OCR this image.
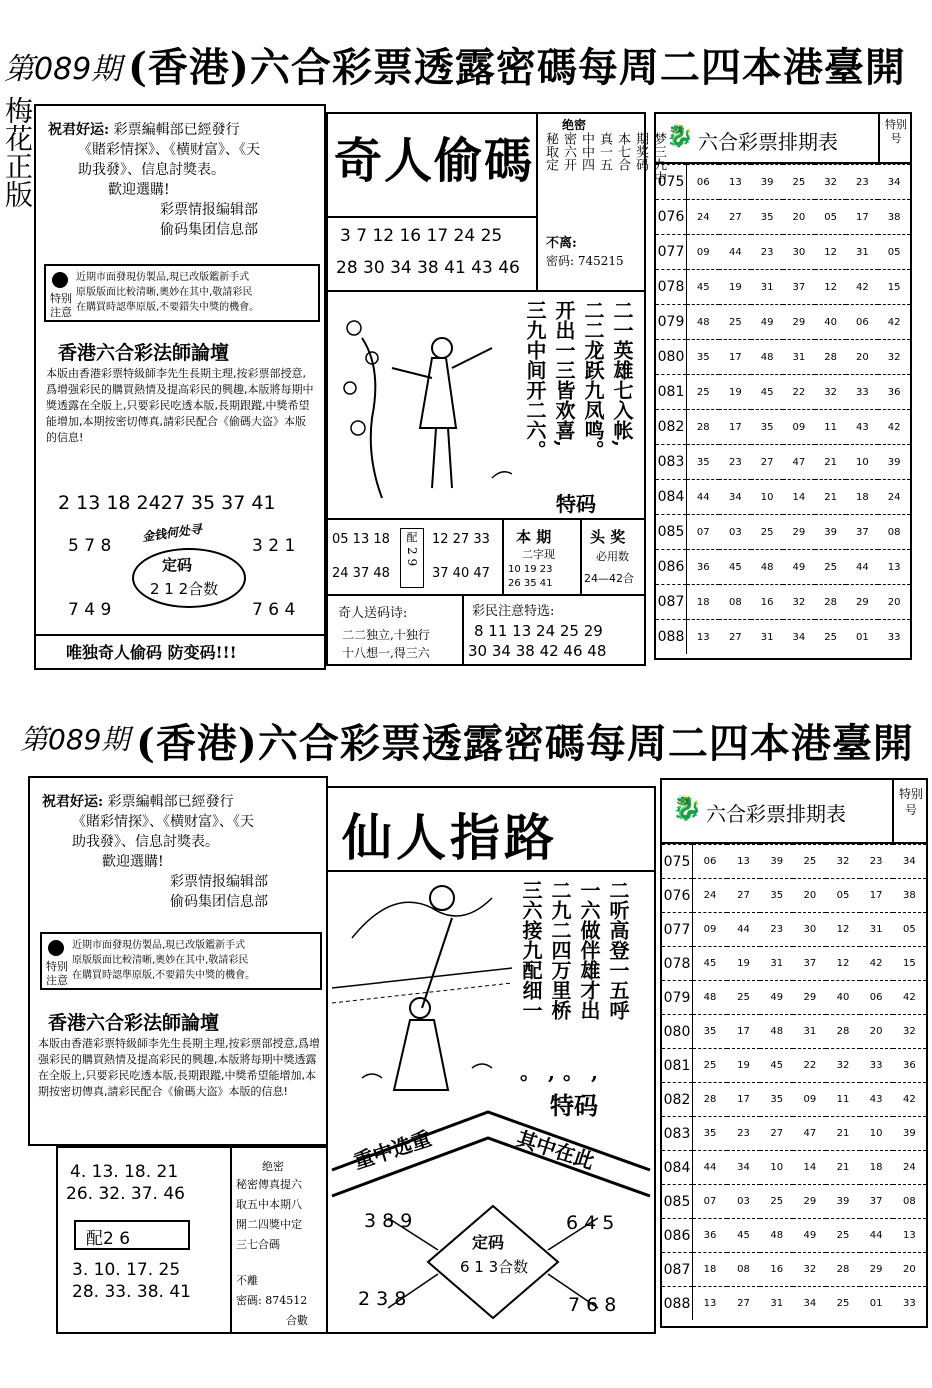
第089期 (香港)六合彩票透露密碼每周二四本港臺開
梅花正版 祝君好运: 彩票編輯部已經發行
《賭彩情探》、《横财富》、《天
助我發》、信息討獎表。
歡迎選購!
彩票情报编辑部
偷码集团信息部
特别注意
近期市面發現仿製品,現已改版鑑新手式
原版版面比較清晰,奧妙在其中,敬請彩民
在購買時認準原版,不要錯失中獎的機會。
香港六合彩法師論壇
本版由香港彩票特級師李先生長期主理,按彩票部授意,爲增强彩民的購買熱情及提高彩民的興趣,本版將每期中獎透露在全版上,只要彩民吃透本版,長期跟蹤,中獎希望能增加,本期按密切傳真,請彩民配合《偷碼大盗》本版的信息!
2 13 18 2427 35 37 41
金钱何处寻
5 7 8	3 2 1
7 4 9	7 6 4
定码
2 1 2合数
唯独奇人偷码 防变码!!!
奇人偷碼
3 7 12 16 17 24 25
28 30 34 38 41 43 46
绝密
梦三九中
期奖码
本七合
真一五
中中四
密六开
秘取定
不离:
密码: 745215
二一英雄七入帐,
二二龙跃九凤鸣。
开出一三皆欢喜,
三九中间开二六。
特码
05 13 18
24 37 48
配
2 9
12 27 33
37 40 47
本 期
二字现
10 19 23
26 35 41
头 奖
必用数
24—42合
奇人送码诗:
二二独立,十独行
十八想一,得三六
彩民注意特选:
8 11 13 24 25 29
30 34 38 42 46 48
🐉 六合彩票排期表
特别号
075	06	13	39	25	32	23	34
076	24	27	35	20	05	17	38
077	09	44	23	30	12	31	05
078	45	19	31	37	12	42	15
079	48	25	49	29	40	06	42
080	35	17	48	31	28	20	32
081	25	19	45	22	32	33	36
082	28	17	35	09	11	43	42
083	35	23	27	47	21	10	39
084	44	34	10	14	21	18	24
085	07	03	25	29	39	37	08
086	36	45	48	49	25	44	13
087	18	08	16	32	28	29	20
088	13	27	31	34	25	01	33
第089期 (香港)六合彩票透露密碼每周二四本港臺開
祝君好运: 彩票編輯部已經發行
《賭彩情探》、《横财富》、《天
助我發》、信息討獎表。
歡迎選購!
彩票情报编辑部
偷码集团信息部
特别注意
近期市面發現仿製品,現已改版鑑新手式
原版版面比較清晰,奧妙在其中,敬請彩民
在購買時認準原版,不要錯失中獎的機會。
香港六合彩法師論壇
本版由香港彩票特級師李先生長期主理,按彩票部授意,爲增强彩民的購買熱情及提高彩民的興趣,本版將每期中獎透露在全版上,只要彩民吃透本版,長期跟蹤,中獎希望能增加,本期按密切傳真,請彩民配合《偷碼大盗》本版的信息!
4. 13. 18. 21
26. 32. 37. 46
配2 6
3. 10. 17. 25
28. 33. 38. 41
绝密
秘密傳真提六
取五中本期八
開二四獎中定
三七合碼
不離
密碼: 874512
合數
仙人指路
二听高登一五呼
一六做伴雄才出
二九二四万里桥
三六接九配细一
。,。,
特码
重中选重	其中在此
定码
6 1 3合数
3 8 9	6 4 5
2 3 8	7 6 8
🐉 六合彩票排期表
特别号
075	06	13	39	25	32	23	34
076	24	27	35	20	05	17	38
077	09	44	23	30	12	31	05
078	45	19	31	37	12	42	15
079	48	25	49	29	40	06	42
080	35	17	48	31	28	20	32
081	25	19	45	22	32	33	36
082	28	17	35	09	11	43	42
083	35	23	27	47	21	10	39
084	44	34	10	14	21	18	24
085	07	03	25	29	39	37	08
086	36	45	48	49	25	44	13
087	18	08	16	32	28	29	20
088	13	27	31	34	25	01	33
